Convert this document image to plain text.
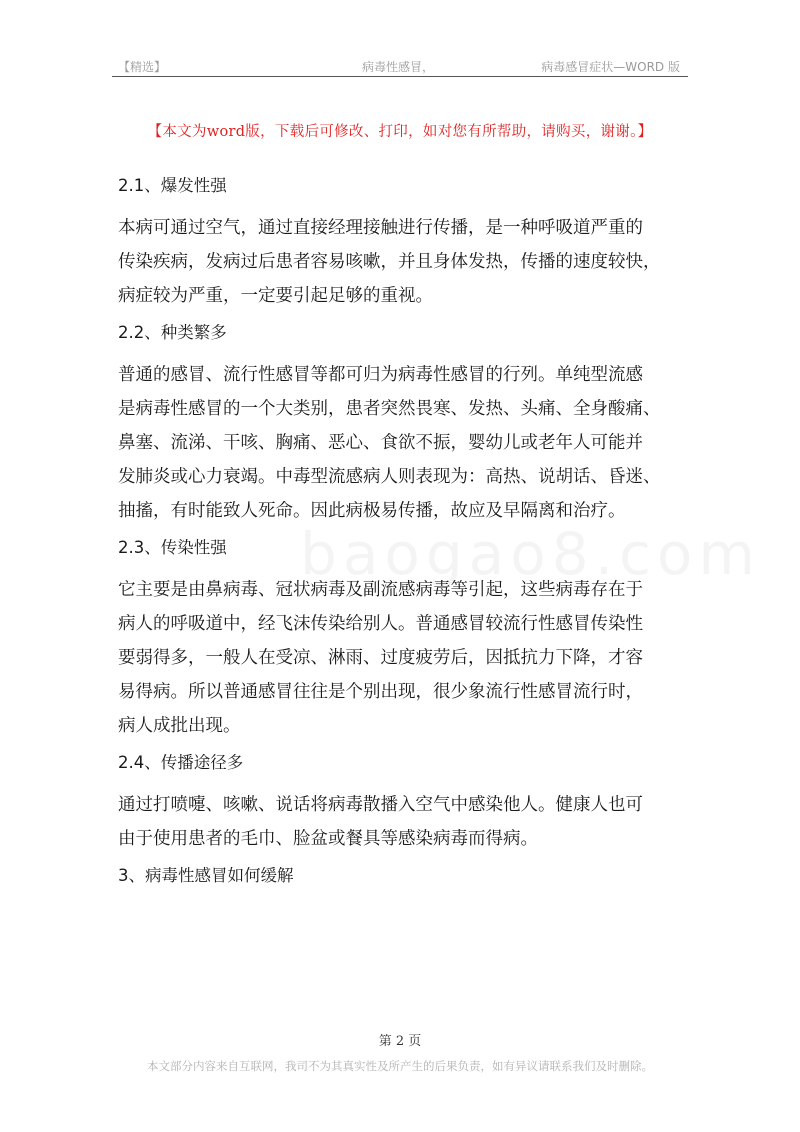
【精选】	病毒性感冒，	病毒感冒症状—WORD 版
【本文为word版，下载后可修改、打印，如对您有所帮助，请购买，谢谢。】
2.1、爆发性强
本病可通过空气，通过直接经理接触进行传播，是一种呼吸道严重的
传染疾病，发病过后患者容易咳嗽，并且身体发热，传播的速度较快，
病症较为严重，一定要引起足够的重视。
2.2、种类繁多
普通的感冒、流行性感冒等都可归为病毒性感冒的行列。单纯型流感
是病毒性感冒的一个大类别，患者突然畏寒、发热、头痛、全身酸痛、
鼻塞、流涕、干咳、胸痛、恶心、食欲不振，婴幼儿或老年人可能并
发肺炎或心力衰竭。中毒型流感病人则表现为：高热、说胡话、昏迷、
抽搐，有时能致人死命。因此病极易传播，故应及早隔离和治疗。
2.3、传染性强
它主要是由鼻病毒、冠状病毒及副流感病毒等引起，这些病毒存在于
病人的呼吸道中，经飞沫传染给别人。普通感冒较流行性感冒传染性
要弱得多，一般人在受凉、淋雨、过度疲劳后，因抵抗力下降，才容
易得病。所以普通感冒往往是个别出现，很少象流行性感冒流行时，
病人成批出现。
2.4、传播途径多
通过打喷嚏、咳嗽、说话将病毒散播入空气中感染他人。健康人也可
由于使用患者的毛巾、脸盆或餐具等感染病毒而得病。
3、病毒性感冒如何缓解
第 2 页
本文部分内容来自互联网，我司不为其真实性及所产生的后果负责，如有异议请联系我们及时删除。
